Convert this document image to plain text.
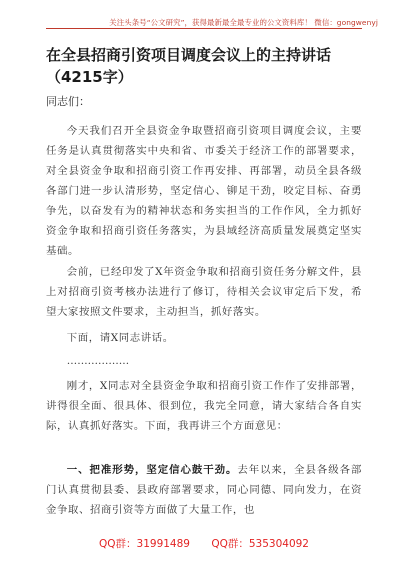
关注头条号“公文研究”，获得最新最全最专业的公文资料库！ 微信：gongwenyj
在全县招商引资项目调度会议上的主持讲话（4215字）

同志们：

今天我们召开全县资金争取暨招商引资项目调度会议，主要任务是认真贯彻落实中央和省、市委关于经济工作的部署要求，对全县资金争取和招商引资工作再安排、再部署，动员全县各级各部门进一步认清形势，坚定信心、铆足干劲，咬定目标、奋勇争先，以奋发有为的精神状态和务实担当的工作作风，全力抓好资金争取和招商引资任务落实，为县域经济高质量发展奠定坚实基础。

会前，已经印发了X年资金争取和招商引资任务分解文件，县上对招商引资考核办法进行了修订，待相关会议审定后下发，希望大家按照文件要求，主动担当，抓好落实。

下面，请X同志讲话。

………………

刚才，X同志对全县资金争取和招商引资工作作了安排部署，讲得很全面、很具体、很到位，我完全同意，请大家结合各自实际，认真抓好落实。下面，我再讲三个方面意见：

一、把准形势，坚定信心鼓干劲。去年以来，全县各级各部门认真贯彻县委、县政府部署要求，同心同德、同向发力，在资金争取、招商引资等方面做了大量工作，也

QQ群：31991489 QQ群：535304092
